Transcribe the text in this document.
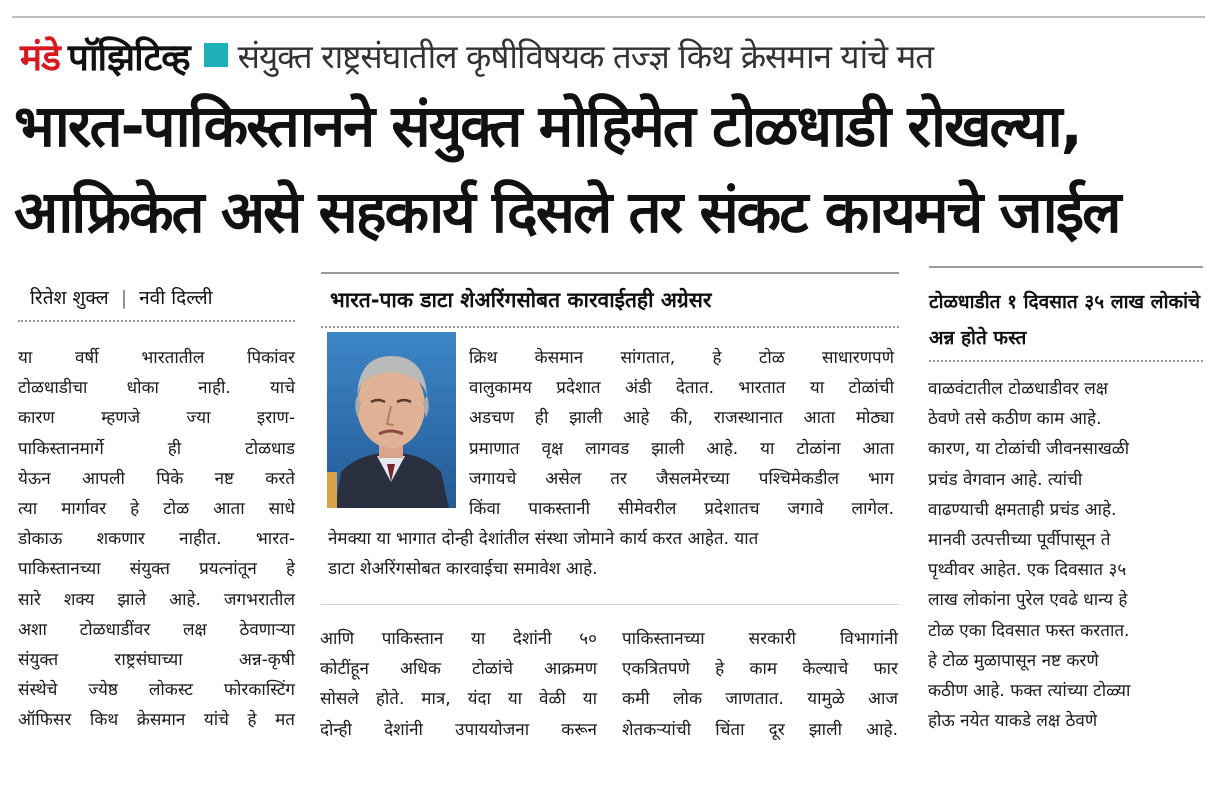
मंडे पॉझिटिव्ह संयुक्त राष्ट्रसंघातील कृषीविषयक तज्ज्ञ किथ क्रेसमान यांचे मत
भारत-पाकिस्तानने संयुक्त मोहिमेत टोळधाडी रोखल्या,
आफ्रिकेत असे सहकार्य दिसले तर संकट कायमचे जाईल
रितेश शुक्ल | नवी दिल्ली
या वर्षी भारतातील पिकांवर
टोळधाडीचा धोका नाही. याचे
कारण म्हणजे ज्या इराण-
पाकिस्तानमार्गे ही टोळधाड
येऊन आपली पिके नष्ट करते
त्या मार्गावर हे टोळ आता साधे
डोकाऊ शकणार नाहीत. भारत-
पाकिस्तानच्या संयुक्त प्रयत्नांतून हे
सारे शक्य झाले आहे. जगभरातील
अशा टोळधाडींवर लक्ष ठेवणाऱ्या
संयुक्त राष्ट्रसंघाच्या अन्न-कृषी
संस्थेचे ज्येष्ठ लोकस्ट फोरकास्टिंग
ऑफिसर किथ क्रेसमान यांचे हे मत
भारत-पाक डाटा शेअरिंगसोबत कारवाईतही अग्रेसर
क्रिथ केसमान सांगतात, हे टोळ साधारणपणे
वालुकामय प्रदेशात अंडी देतात. भारतात या टोळांची
अडचण ही झाली आहे की, राजस्थानात आता मोठ्या
प्रमाणात वृक्ष लागवड झाली आहे. या टोळांना आता
जगायचे असेल तर जैसलमेरच्या पश्चिमेकडील भाग
किंवा पाकस्तानी सीमेवरील प्रदेशातच जगावे लागेल.
नेमक्या या भागात दोन्ही देशांतील संस्था जोमाने कार्य करत आहेत. यात
डाटा शेअरिंगसोबत कारवाईचा समावेश आहे.
आणि पाकिस्तान या देशांनी ५०
कोटींहून अधिक टोळांचे आक्रमण
सोसले होते. मात्र, यंदा या वेळी या
दोन्ही देशांनी उपाययोजना करून
पाकिस्तानच्या सरकारी विभागांनी
एकत्रितपणे हे काम केल्याचे फार
कमी लोक जाणतात. यामुळे आज
शेतकऱ्यांची चिंता दूर झाली आहे.
टोळधाडीत १ दिवसात ३५ लाख लोकांचे अन्न होते फस्त
वाळवंटातील टोळधाडीवर लक्ष
ठेवणे तसे कठीण काम आहे.
कारण, या टोळांची जीवनसाखळी
प्रचंड वेगवान आहे. त्यांची
वाढण्याची क्षमताही प्रचंड आहे.
मानवी उत्पत्तीच्या पूर्वीपासून ते
पृथ्वीवर आहेत. एक दिवसात ३५
लाख लोकांना पुरेल एवढे धान्य हे
टोळ एका दिवसात फस्त करतात.
हे टोळ मुळापासून नष्ट करणे
कठीण आहे. फक्त त्यांच्या टोळ्या
होऊ नयेत याकडे लक्ष ठेवणे
